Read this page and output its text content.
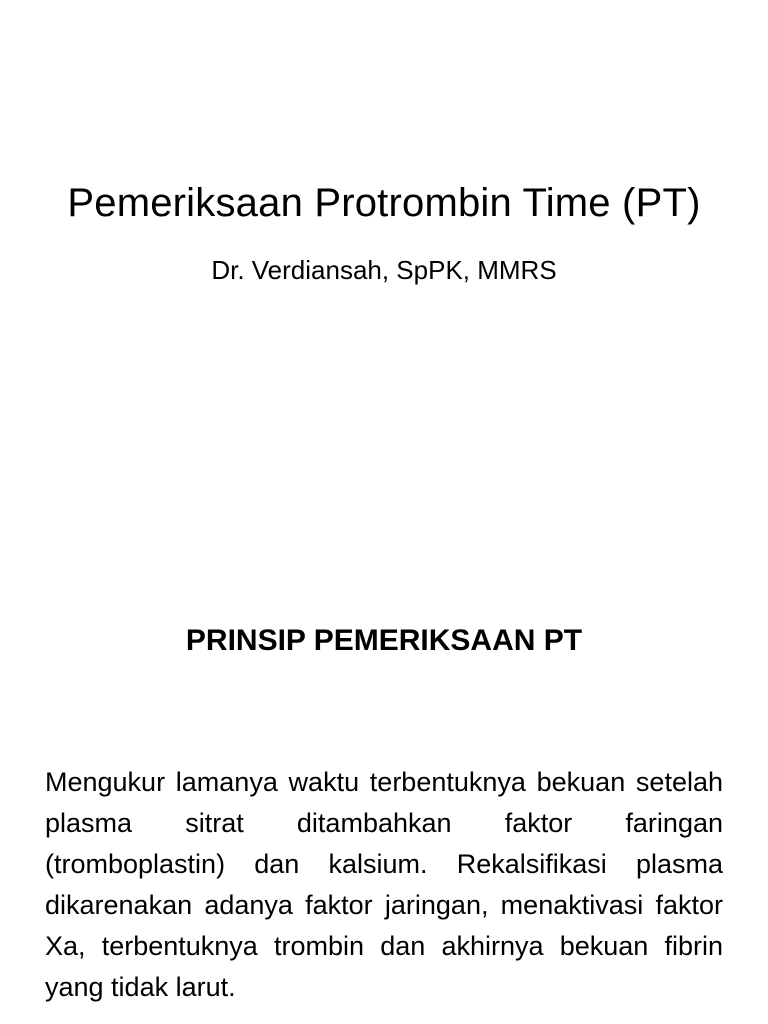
Pemeriksaan Protrombin Time (PT)

Dr. Verdiansah, SpPK, MMRS

PRINSIP PEMERIKSAAN PT

Mengukur lamanya waktu terbentuknya bekuan setelah plasma sitrat ditambahkan faktor faringan (tromboplastin) dan kalsium. Rekalsifikasi plasma dikarenakan adanya faktor jaringan, menaktivasi faktor Xa, terbentuknya trombin dan akhirnya bekuan fibrin yang tidak larut.
